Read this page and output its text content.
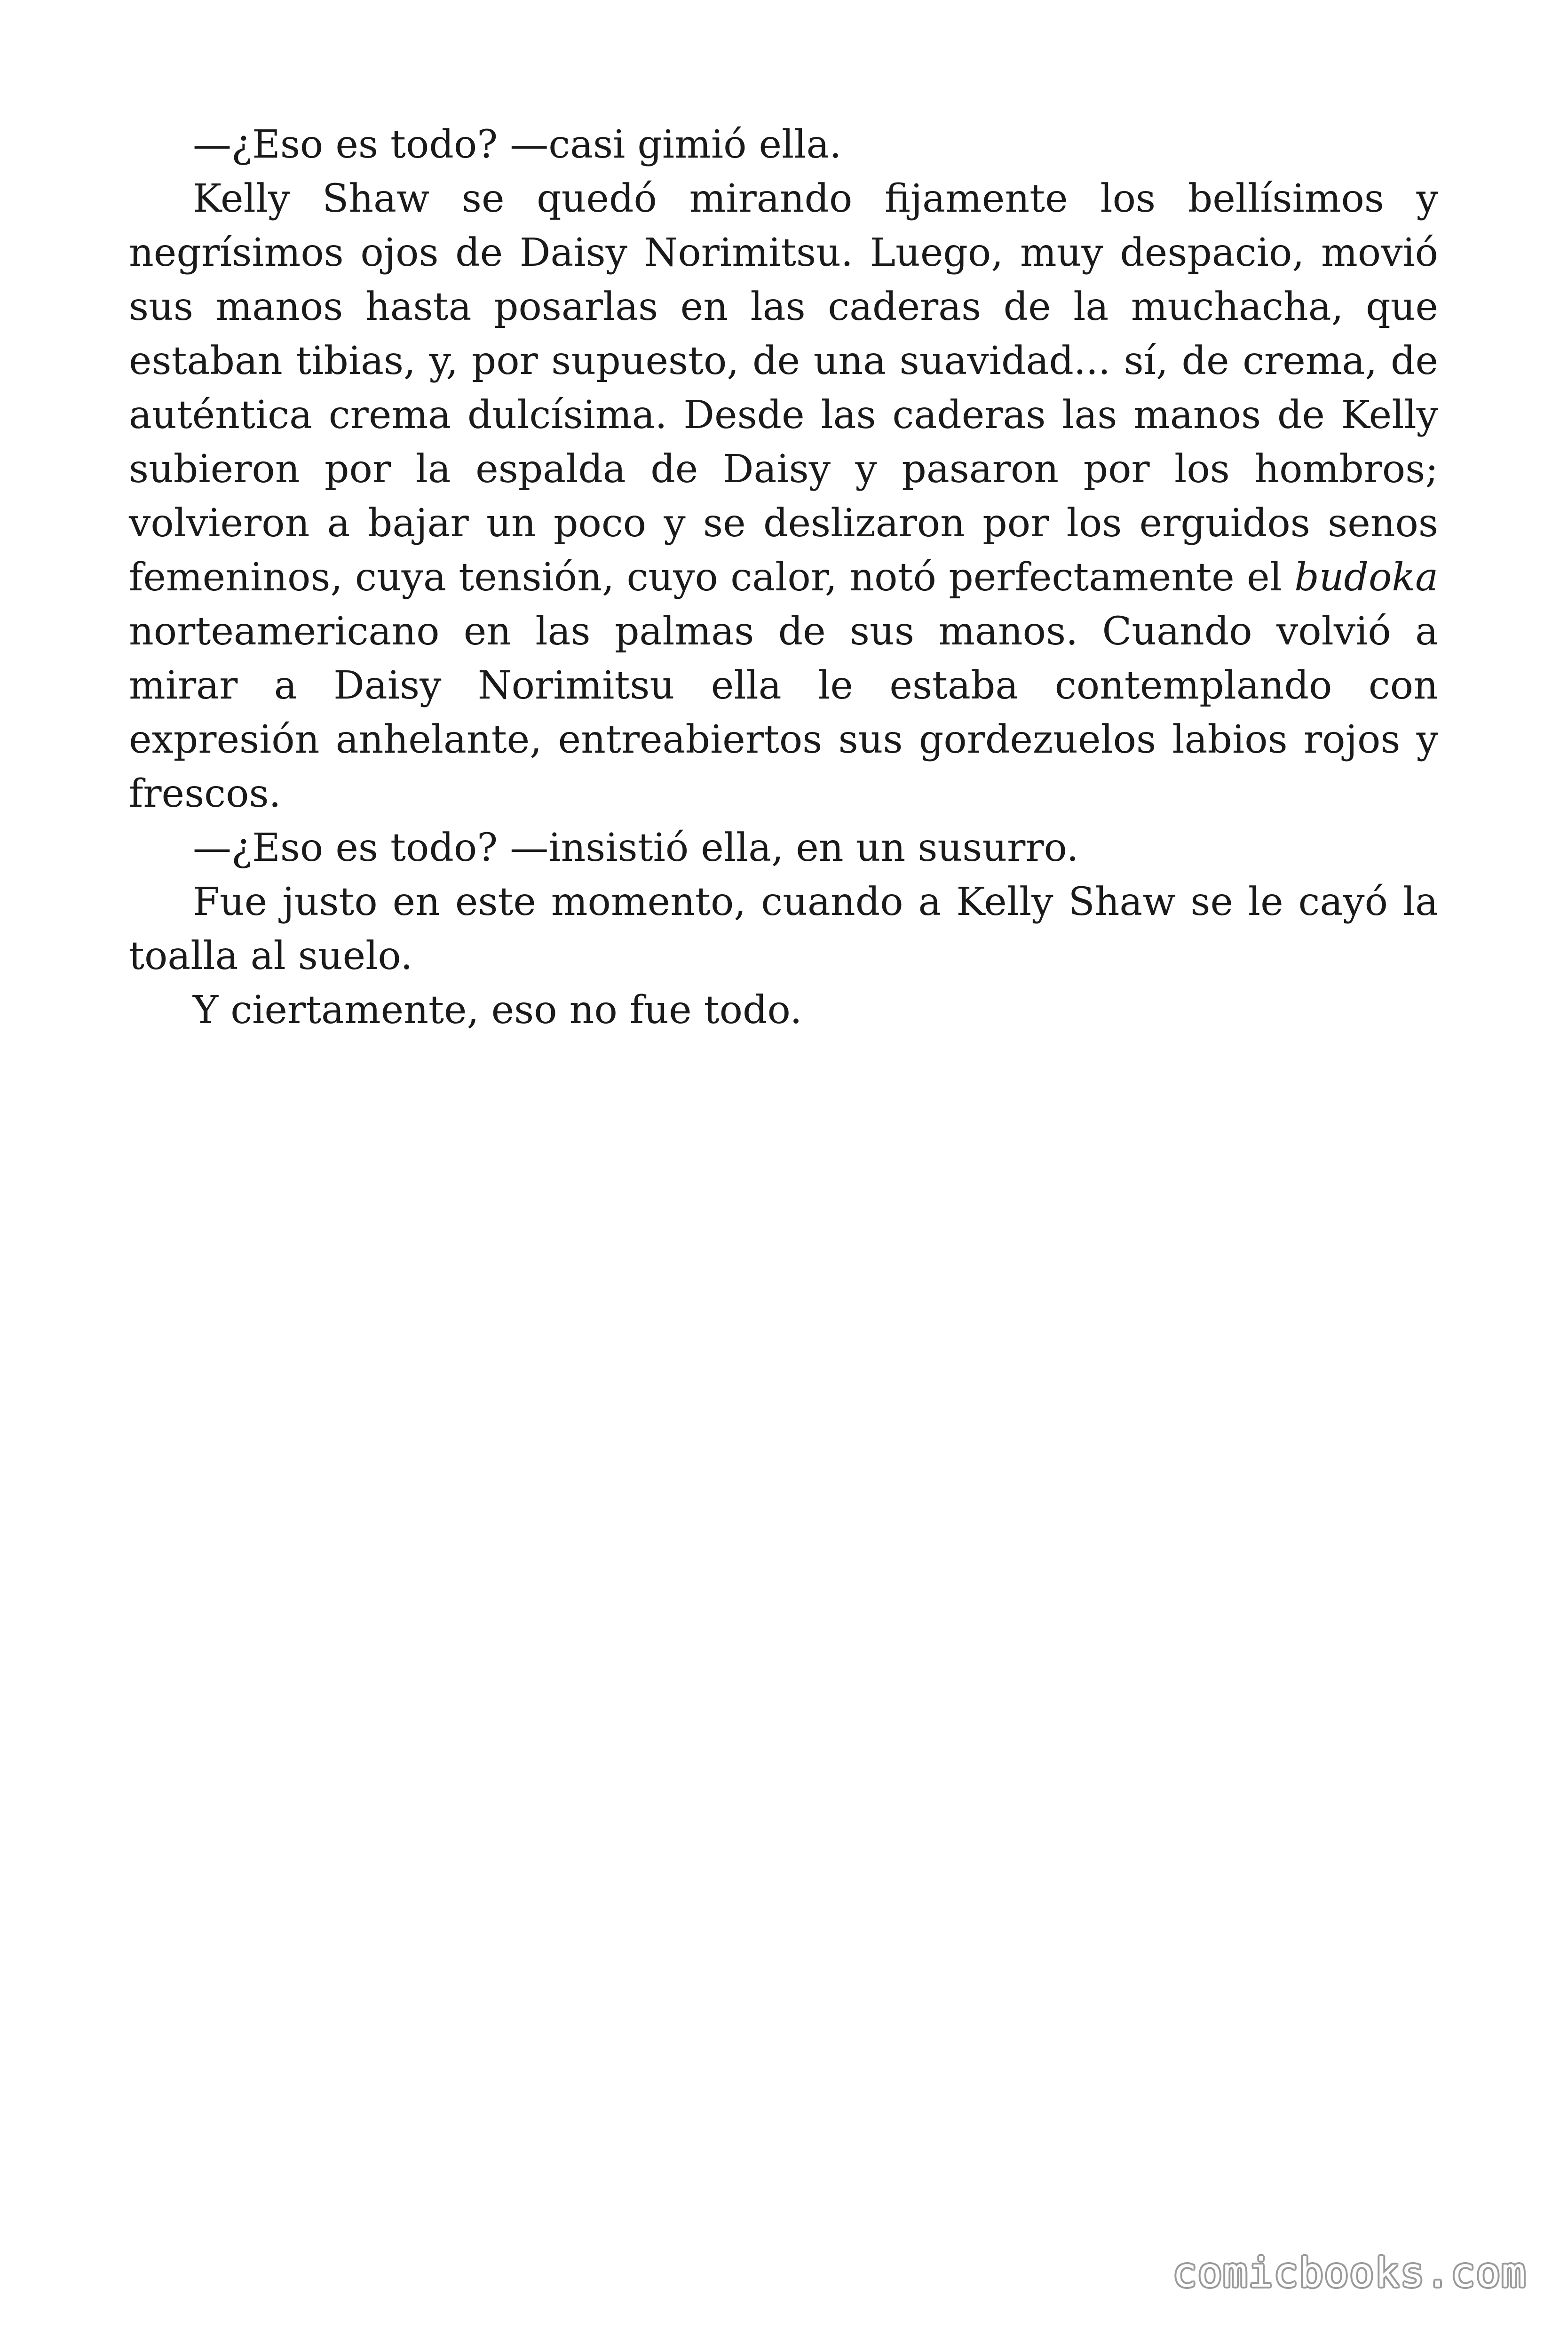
—¿Eso es todo? —casi gimió ella.

Kelly Shaw se quedó mirando fijamente los bellísimos y negrísimos ojos de Daisy Norimitsu. Luego, muy despacio, movió sus manos hasta posarlas en las caderas de la muchacha, que estaban tibias, y, por supuesto, de una suavidad... sí, de crema, de auténtica crema dulcísima. Desde las caderas las manos de Kelly subieron por la espalda de Daisy y pasaron por los hombros; volvieron a bajar un poco y se deslizaron por los erguidos senos femeninos, cuya tensión, cuyo calor, notó perfectamente el budoka norteamericano en las palmas de sus manos. Cuando volvió a mirar a Daisy Norimitsu ella le estaba contemplando con expresión anhelante, entreabiertos sus gordezuelos labios rojos y frescos.

—¿Eso es todo? —insistió ella, en un susurro.

Fue justo en este momento, cuando a Kelly Shaw se le cayó la toalla al suelo.

Y ciertamente, eso no fue todo.

comicbooks.com
